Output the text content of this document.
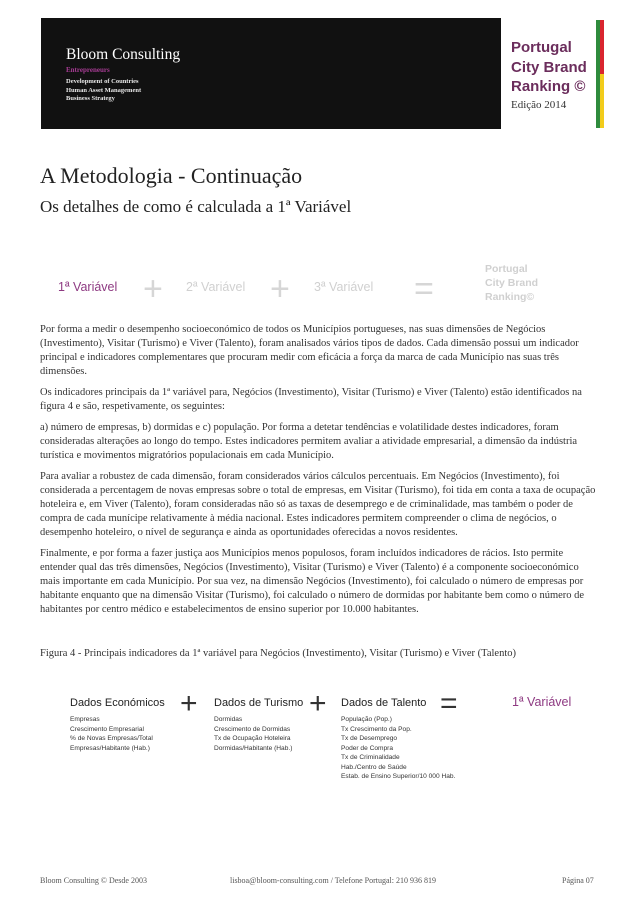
Bloom Consulting
Entrepreneurs
Development of Countries
Human Asset Management
Business Strategy
Portugal
City Brand
Ranking ©
Edição 2014
A Metodologia - Continuação
Os detalhes de como é calculada a 1ª Variável
1ª Variável + 2ª Variável + 3ª Variável =
Portugal
City Brand
Ranking©

Por forma a medir o desempenho socioeconómico de todos os Municípios portugueses, nas suas dimensões de Negócios (Investimento), Visitar (Turismo) e Viver (Talento), foram analisados vários tipos de dados. Cada dimensão possui um indicador principal e indicadores complementares que procuram medir com eficácia a força da marca de cada Município nas suas três dimensões.

Os indicadores principais da 1ª variável para, Negócios (Investimento), Visitar (Turismo) e Viver (Talento) estão identificados na figura 4 e são, respetivamente, os seguintes:

a) número de empresas, b) dormidas e c) população. Por forma a detetar tendências e volatilidade destes indicadores, foram consideradas alterações ao longo do tempo. Estes indicadores permitem avaliar a atividade empresarial, a dimensão da indústria turística e movimentos migratórios populacionais em cada Município.

Para avaliar a robustez de cada dimensão, foram considerados vários cálculos percentuais. Em Negócios (Investimento), foi considerada a percentagem de novas empresas sobre o total de empresas, em Visitar (Turismo), foi tida em conta a taxa de ocupação hoteleira e, em Viver (Talento), foram consideradas não só as taxas de desemprego e de criminalidade, mas também o poder de compra de cada munícipe relativamente à média nacional. Estes indicadores permitem compreender o clima de negócios, o desempenho hoteleiro, o nível de segurança e ainda as oportunidades oferecidas a novos residentes.

Finalmente, e por forma a fazer justiça aos Municípios menos populosos, foram incluídos indicadores de rácios. Isto permite entender qual das três dimensões, Negócios (Investimento), Visitar (Turismo) e Viver (Talento) é a componente socioeconómico mais importante em cada Município. Por sua vez, na dimensão Negócios (Investimento), foi calculado o número de empresas por habitante enquanto que na dimensão Visitar (Turismo), foi calculado o número de dormidas por habitante bem como o número de habitantes por centro médico e estabelecimentos de ensino superior por 10.000 habitantes.

Figura 4 - Principais indicadores da 1ª variável para Negócios (Investimento), Visitar (Turismo) e Viver (Talento)
Dados Económicos
Empresas
Crescimento Empresarial
% de Novas Empresas/Total
Empresas/Habitante (Hab.)
+ Dados de Turismo
Dormidas
Crescimento de Dormidas
Tx de Ocupação Hoteleira
Dormidas/Habitante (Hab.)
+ Dados de Talento
População (Pop.)
Tx Crescimento da Pop.
Tx de Desemprego
Poder de Compra
Tx de Criminalidade
Hab./Centro de Saúde
Estab. de Ensino Superior/10 000 Hab.
=	1ª Variável
Bloom Consulting © Desde 2003	lisboa@bloom-consulting.com / Telefone Portugal: 210 936 819	Página 07
